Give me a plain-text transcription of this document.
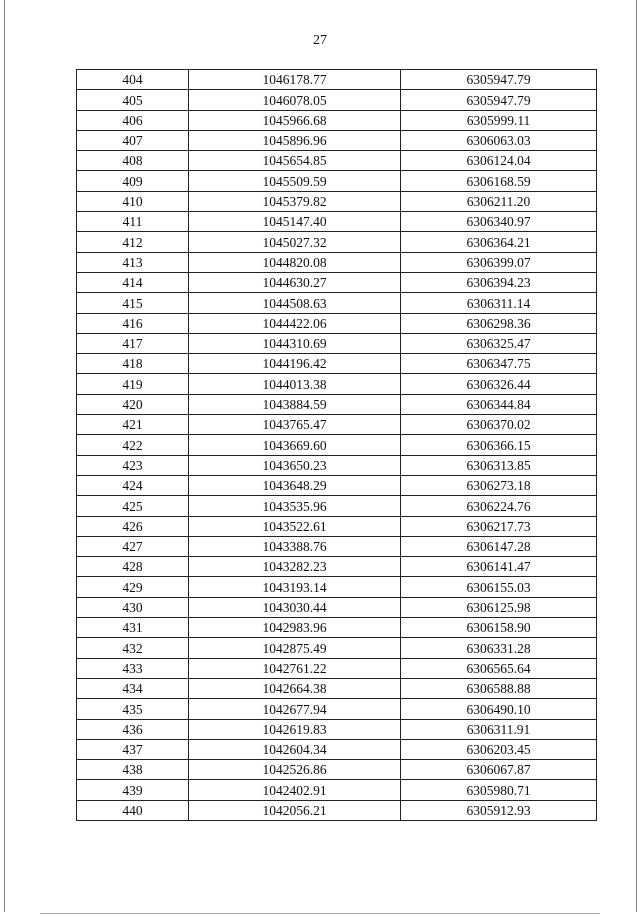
27
404	1046178.77	6305947.79
405	1046078.05	6305947.79
406	1045966.68	6305999.11
407	1045896.96	6306063.03
408	1045654.85	6306124.04
409	1045509.59	6306168.59
410	1045379.82	6306211.20
411	1045147.40	6306340.97
412	1045027.32	6306364.21
413	1044820.08	6306399.07
414	1044630.27	6306394.23
415	1044508.63	6306311.14
416	1044422.06	6306298.36
417	1044310.69	6306325.47
418	1044196.42	6306347.75
419	1044013.38	6306326.44
420	1043884.59	6306344.84
421	1043765.47	6306370.02
422	1043669.60	6306366.15
423	1043650.23	6306313.85
424	1043648.29	6306273.18
425	1043535.96	6306224.76
426	1043522.61	6306217.73
427	1043388.76	6306147.28
428	1043282.23	6306141.47
429	1043193.14	6306155.03
430	1043030.44	6306125.98
431	1042983.96	6306158.90
432	1042875.49	6306331.28
433	1042761.22	6306565.64
434	1042664.38	6306588.88
435	1042677.94	6306490.10
436	1042619.83	6306311.91
437	1042604.34	6306203.45
438	1042526.86	6306067.87
439	1042402.91	6305980.71
440	1042056.21	6305912.93
